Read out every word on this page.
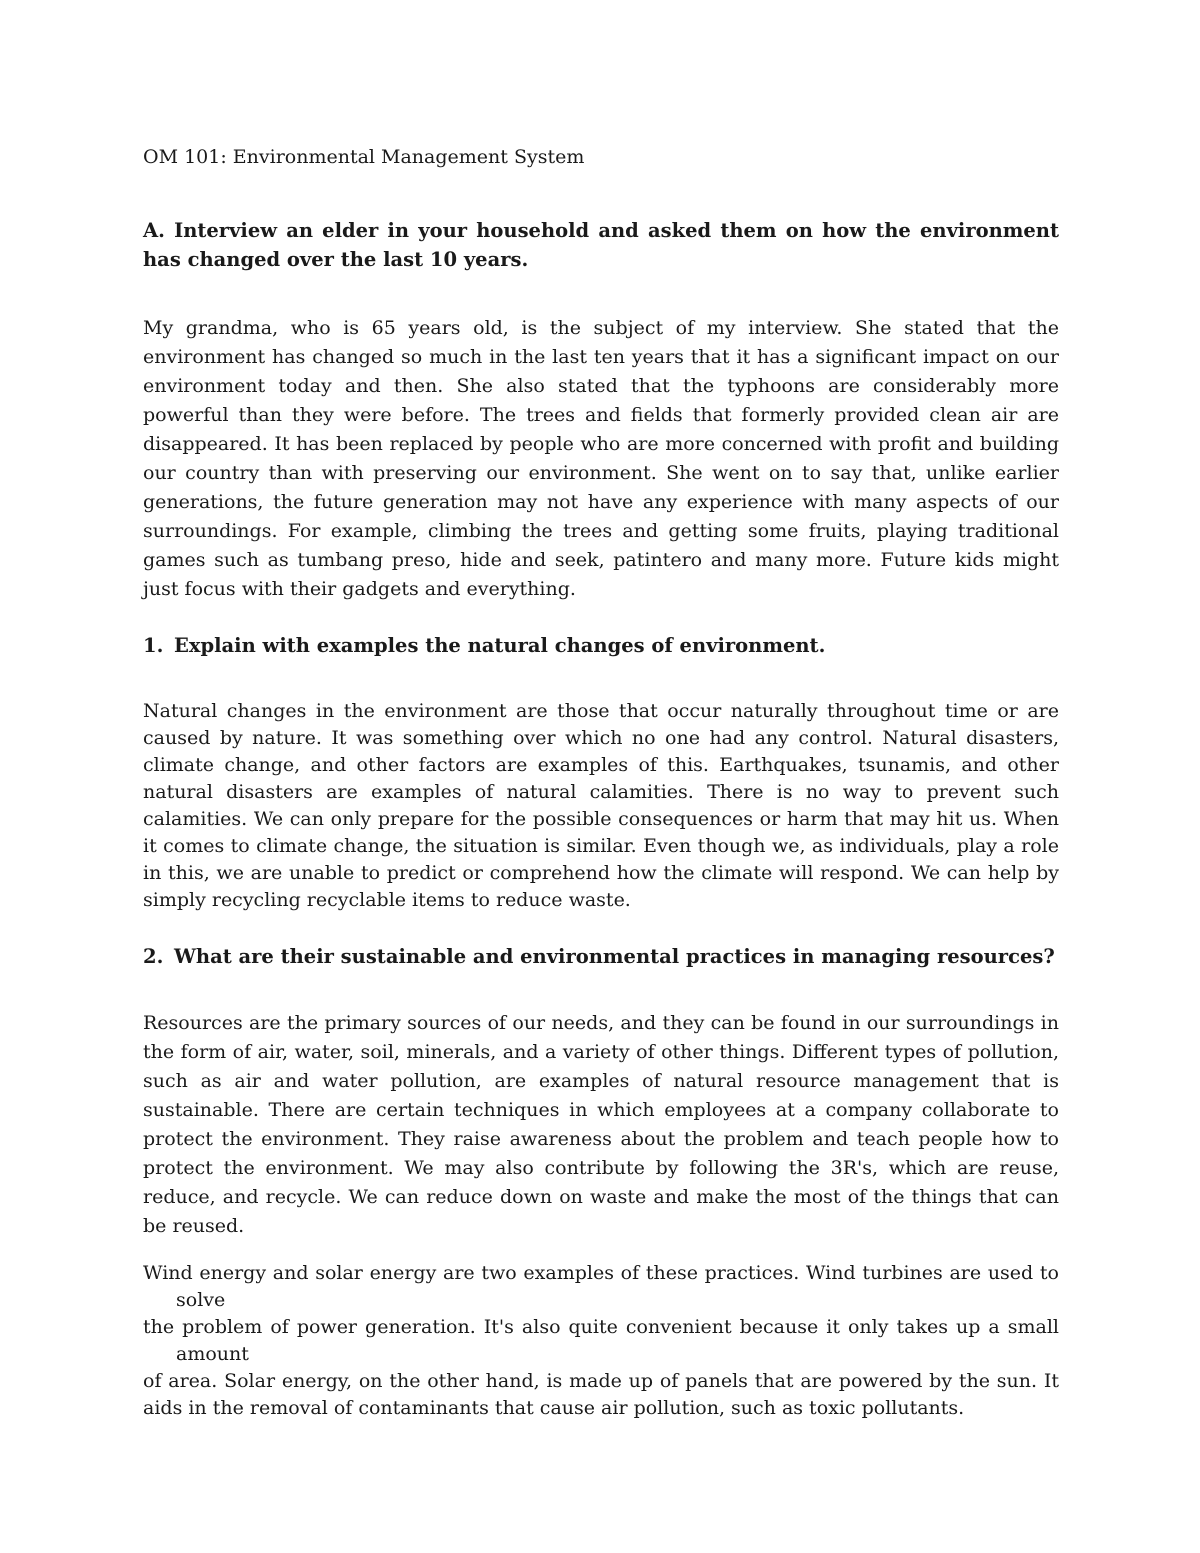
OM 101: Environmental Management System

A. Interview an elder in your household and asked them on how the environment has changed over the last 10 years.

My grandma, who is 65 years old, is the subject of my interview. She stated that the environment has changed so much in the last ten years that it has a significant impact on our environment today and then. She also stated that the typhoons are considerably more powerful than they were before. The trees and fields that formerly provided clean air are disappeared. It has been replaced by people who are more concerned with profit and building our country than with preserving our environment. She went on to say that, unlike earlier generations, the future generation may not have any experience with many aspects of our surroundings. For example, climbing the trees and getting some fruits, playing traditional games such as tumbang preso, hide and seek, patintero and many more. Future kids might just focus with their gadgets and everything.

1. Explain with examples the natural changes of environment.

Natural changes in the environment are those that occur naturally throughout time or are caused by nature. It was something over which no one had any control. Natural disasters, climate change, and other factors are examples of this. Earthquakes, tsunamis, and other natural disasters are examples of natural calamities. There is no way to prevent such calamities. We can only prepare for the possible consequences or harm that may hit us. When it comes to climate change, the situation is similar. Even though we, as individuals, play a role in this, we are unable to predict or comprehend how the climate will respond. We can help by simply recycling recyclable items to reduce waste.

2. What are their sustainable and environmental practices in managing resources?

Resources are the primary sources of our needs, and they can be found in our surroundings in the form of air, water, soil, minerals, and a variety of other things. Different types of pollution, such as air and water pollution, are examples of natural resource management that is sustainable. There are certain techniques in which employees at a company collaborate to protect the environment. They raise awareness about the problem and teach people how to protect the environment. We may also contribute by following the 3R's, which are reuse, reduce, and recycle. We can reduce down on waste and make the most of the things that can be reused.

Wind energy and solar energy are two examples of these practices. Wind turbines are used to solve

the problem of power generation. It's also quite convenient because it only takes up a small amount

of area. Solar energy, on the other hand, is made up of panels that are powered by the sun. It aids in the removal of contaminants that cause air pollution, such as toxic pollutants.
